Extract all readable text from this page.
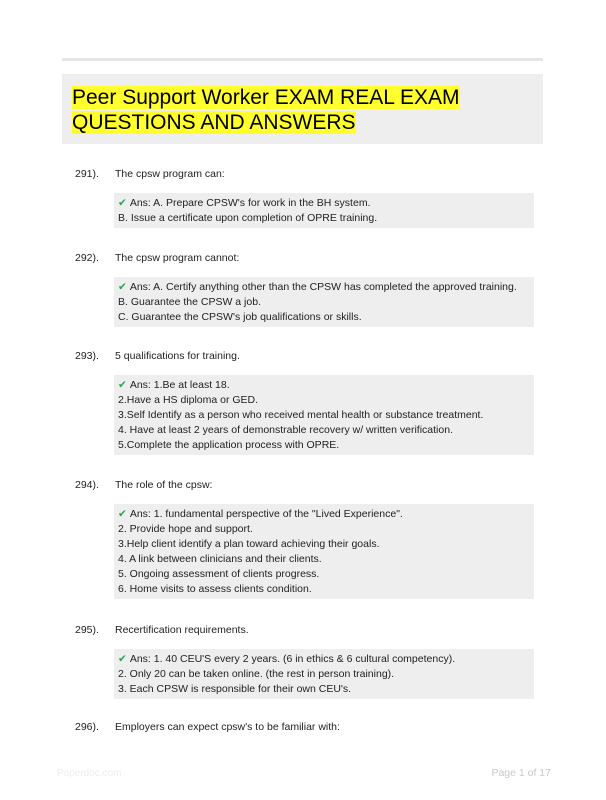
Peer Support Worker EXAM REAL EXAM QUESTIONS AND ANSWERS
291). The cpsw program can:
✔ Ans: A. Prepare CPSW's for work in the BH system.
B. Issue a certificate upon completion of OPRE training.
292). The cpsw program cannot:
✔ Ans: A. Certify anything other than the CPSW has completed the approved training.
B. Guarantee the CPSW a job.
C. Guarantee the CPSW's job qualifications or skills.
293). 5 qualifications for training.
✔ Ans: 1.Be at least 18.
2.Have a HS diploma or GED.
3.Self Identify as a person who received mental health or substance treatment.
4. Have at least 2 years of demonstrable recovery w/ written verification.
5.Complete the application process with OPRE.
294). The role of the cpsw:
✔ Ans: 1. fundamental perspective of the "Lived Experience".
2. Provide hope and support.
3.Help client identify a plan toward achieving their goals.
4. A link between clinicians and their clients.
5. Ongoing assessment of clients progress.
6. Home visits to assess clients condition.
295). Recertification requirements.
✔ Ans: 1. 40 CEU'S every 2 years. (6 in ethics & 6 cultural competency).
2. Only 20 can be taken online. (the rest in person training).
3. Each CPSW is responsible for their own CEU's.
296). Employers can expect cpsw's to be familiar with:
Paperdoc.com	Page 1 of 17
